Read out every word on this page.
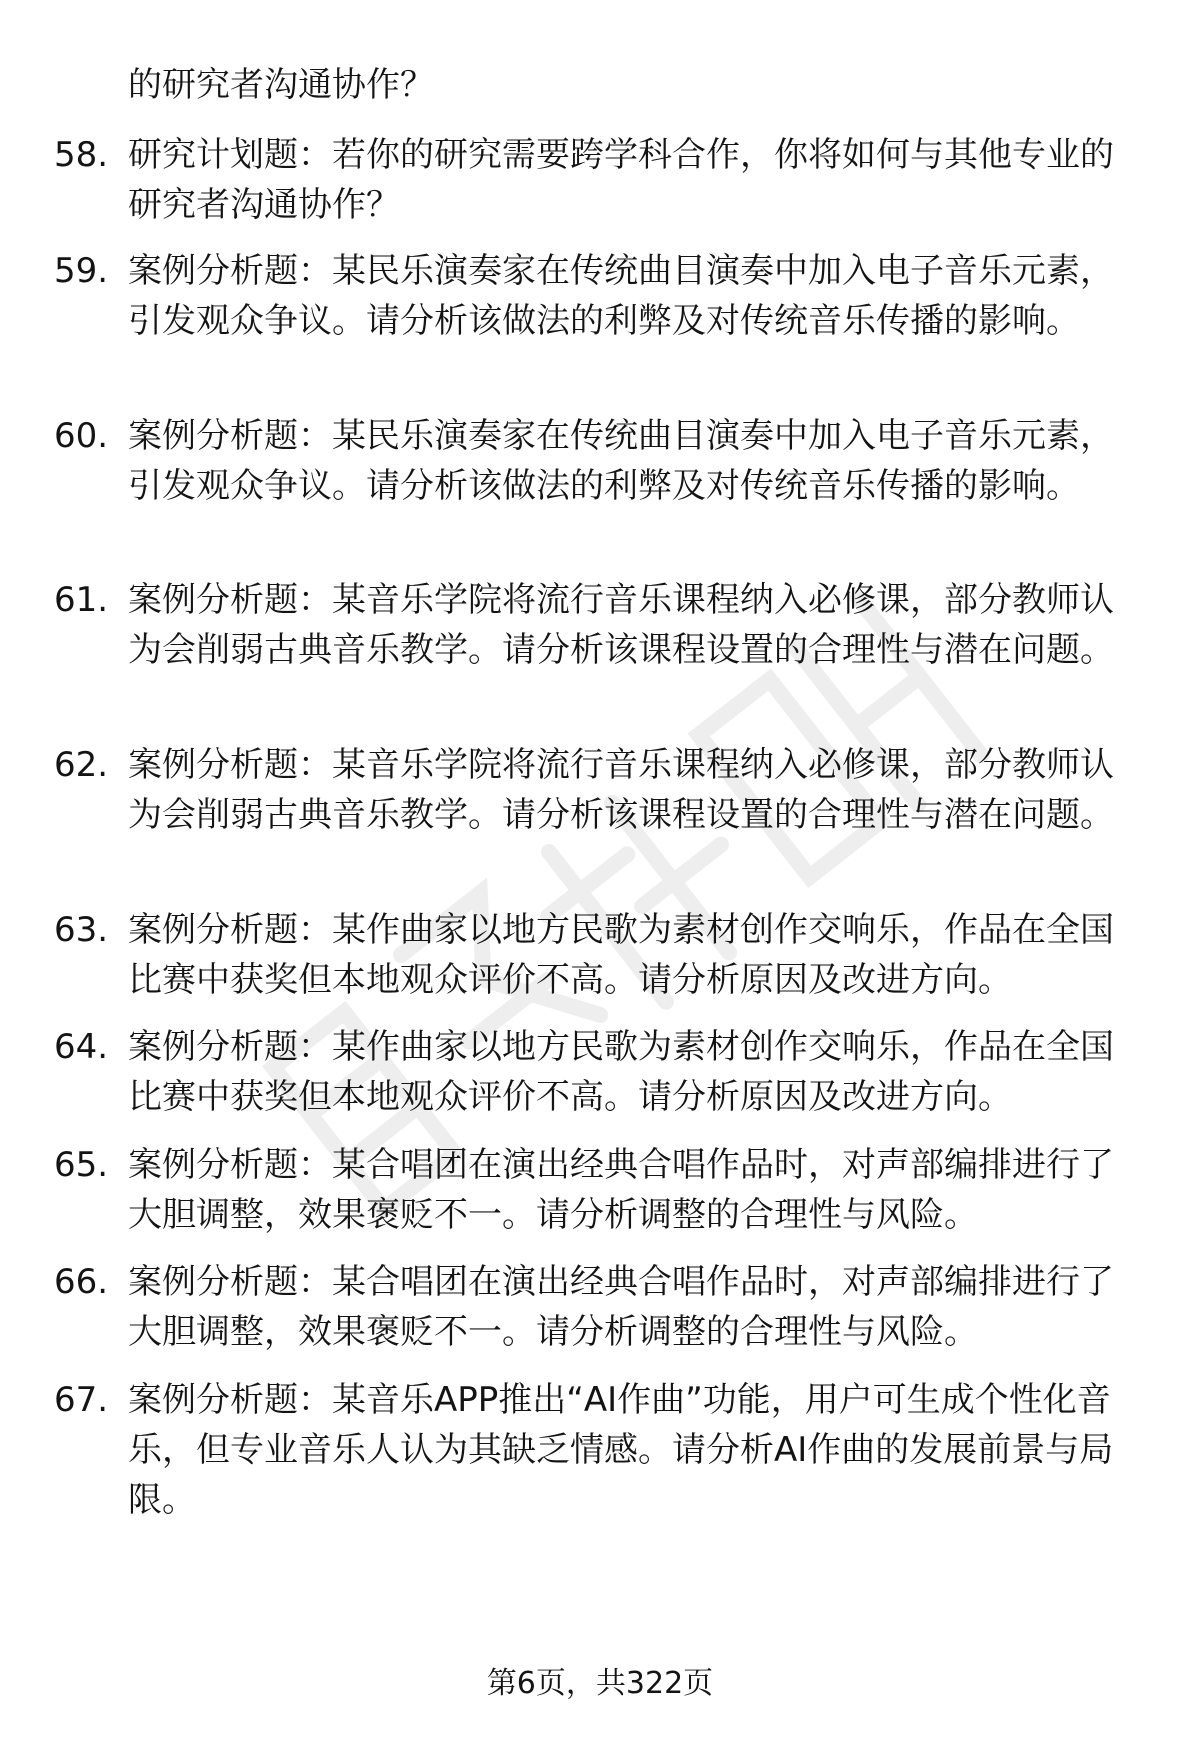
的研究者沟通协作？

58. 研究计划题：若你的研究需要跨学科合作，你将如何与其他专业的研究者沟通协作？

59. 案例分析题：某民乐演奏家在传统曲目演奏中加入电子音乐元素，引发观众争议。请分析该做法的利弊及对传统音乐传播的影响。

60. 案例分析题：某民乐演奏家在传统曲目演奏中加入电子音乐元素，引发观众争议。请分析该做法的利弊及对传统音乐传播的影响。

61. 案例分析题：某音乐学院将流行音乐课程纳入必修课，部分教师认为会削弱古典音乐教学。请分析该课程设置的合理性与潜在问题。

62. 案例分析题：某音乐学院将流行音乐课程纳入必修课，部分教师认为会削弱古典音乐教学。请分析该课程设置的合理性与潜在问题。

63. 案例分析题：某作曲家以地方民歌为素材创作交响乐，作品在全国比赛中获奖但本地观众评价不高。请分析原因及改进方向。

64. 案例分析题：某作曲家以地方民歌为素材创作交响乐，作品在全国比赛中获奖但本地观众评价不高。请分析原因及改进方向。

65. 案例分析题：某合唱团在演出经典合唱作品时，对声部编排进行了大胆调整，效果褒贬不一。请分析调整的合理性与风险。

66. 案例分析题：某合唱团在演出经典合唱作品时，对声部编排进行了大胆调整，效果褒贬不一。请分析调整的合理性与风险。

67. 案例分析题：某音乐APP推出“AI作曲”功能，用户可生成个性化音乐，但专业音乐人认为其缺乏情感。请分析AI作曲的发展前景与局限。

第6页，共322页
